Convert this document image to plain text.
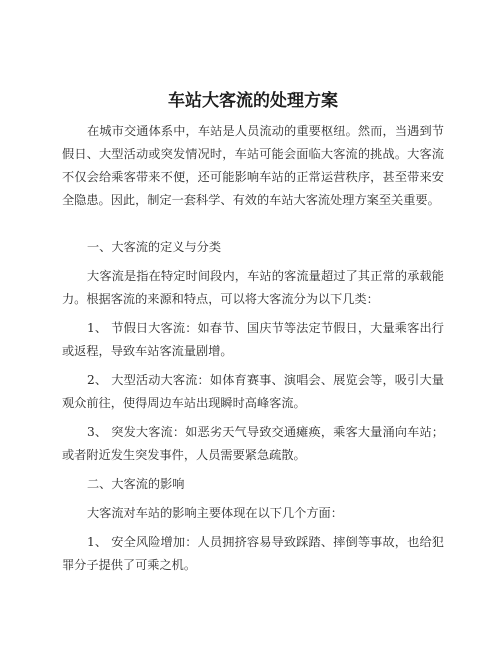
车站大客流的处理方案

在城市交通体系中，车站是人员流动的重要枢纽。然而，当遇到节假日、大型活动或突发情况时，车站可能会面临大客流的挑战。大客流不仅会给乘客带来不便，还可能影响车站的正常运营秩序，甚至带来安全隐患。因此，制定一套科学、有效的车站大客流处理方案至关重要。

一、大客流的定义与分类

大客流是指在特定时间段内，车站的客流量超过了其正常的承载能力。根据客流的来源和特点，可以将大客流分为以下几类：

1、 节假日大客流：如春节、国庆节等法定节假日，大量乘客出行或返程，导致车站客流量剧增。

2、 大型活动大客流：如体育赛事、演唱会、展览会等，吸引大量观众前往，使得周边车站出现瞬时高峰客流。

3、 突发大客流：如恶劣天气导致交通瘫痪，乘客大量涌向车站；或者附近发生突发事件，人员需要紧急疏散。

二、大客流的影响

大客流对车站的影响主要体现在以下几个方面：

1、 安全风险增加：人员拥挤容易导致踩踏、摔倒等事故，也给犯罪分子提供了可乘之机。
